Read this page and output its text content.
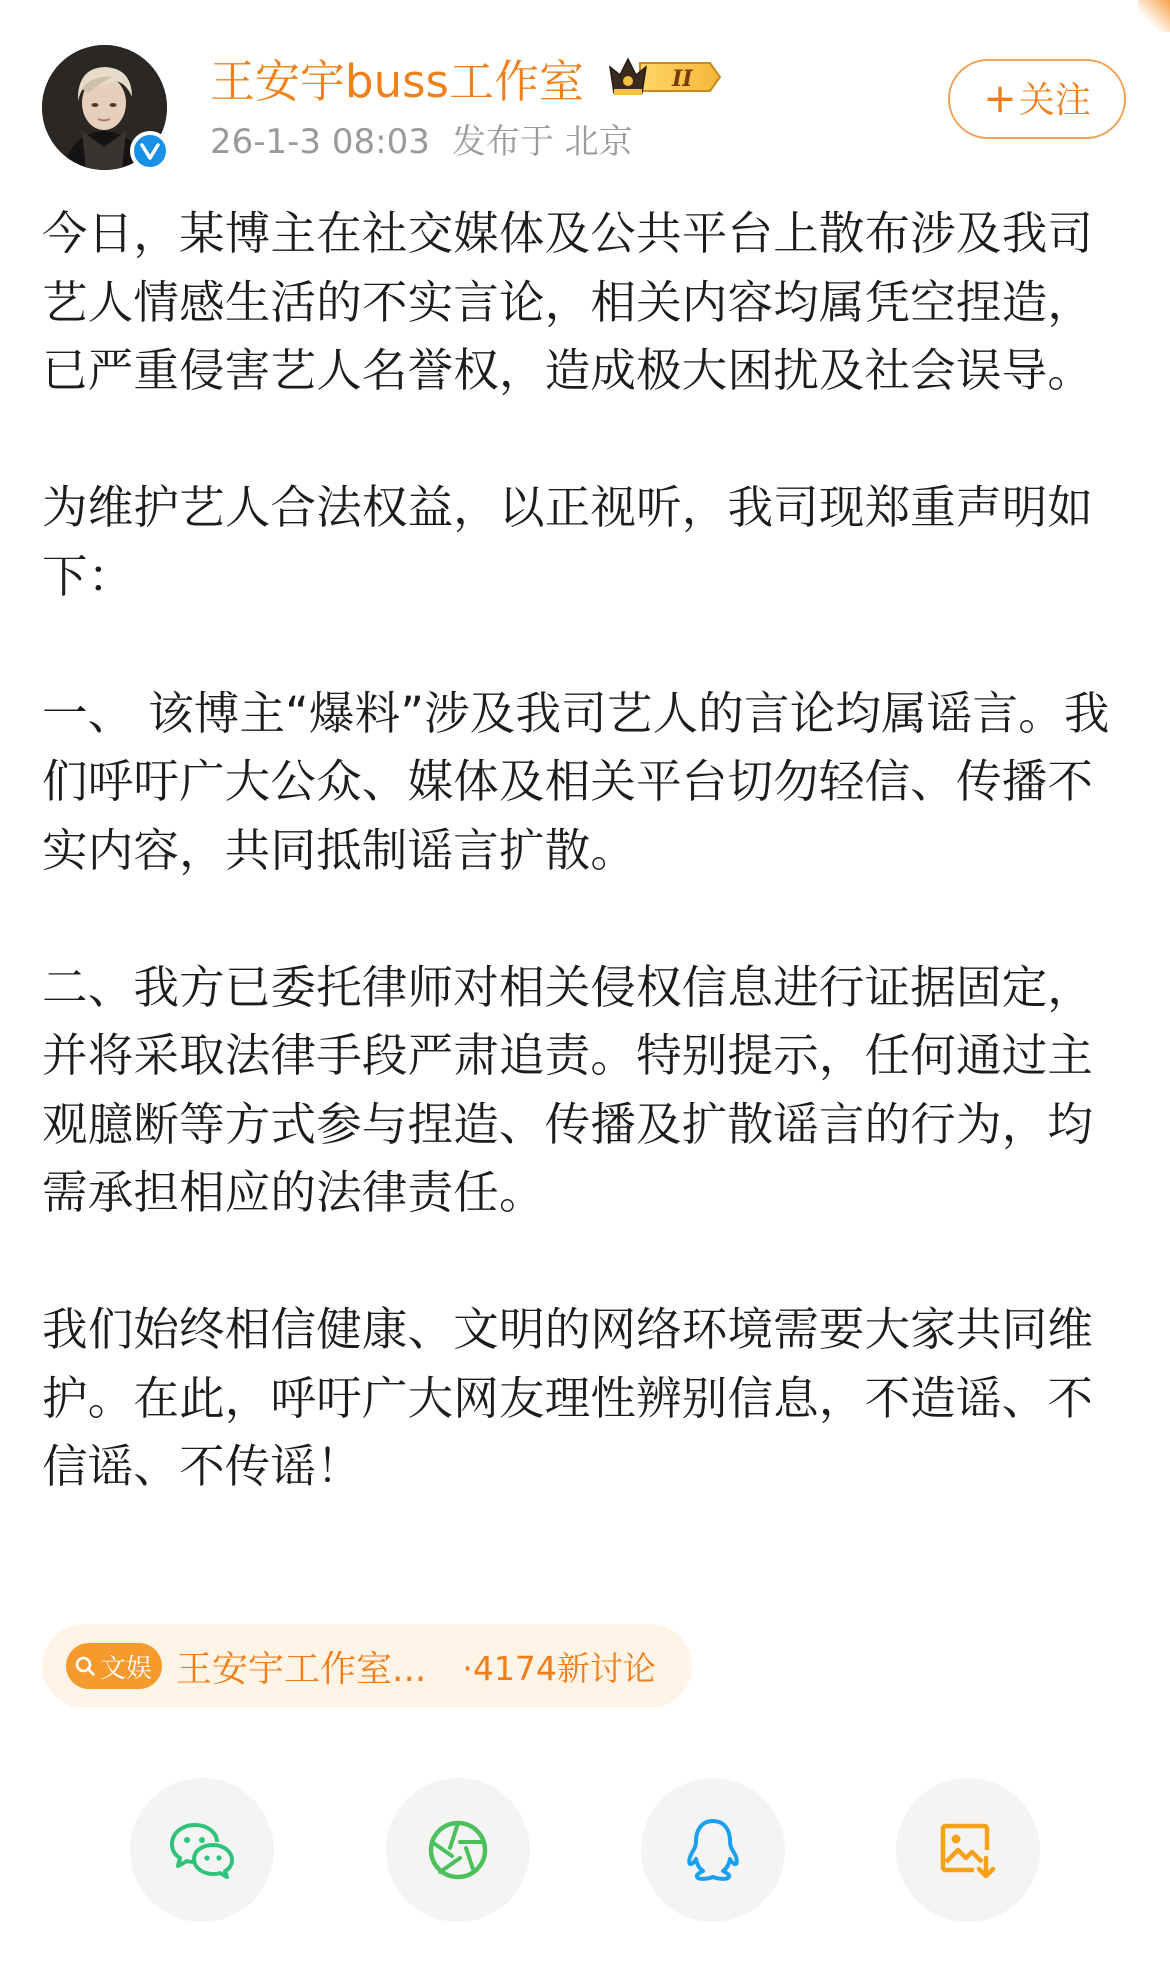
王安宇buss工作室	II
26-1-3 08:03 发布于 北京
+关注

今日，某博主在社交媒体及公共平台上散布涉及我司艺人情感生活的不实言论，相关内容均属凭空捏造，已严重侵害艺人名誉权，造成极大困扰及社会误导。

为维护艺人合法权益，以正视听，我司现郑重声明如下：

一、 该博主“爆料”涉及我司艺人的言论均属谣言。我们呼吁广大公众、媒体及相关平台切勿轻信、传播不实内容，共同抵制谣言扩散。

二、我方已委托律师对相关侵权信息进行证据固定，并将采取法律手段严肃追责。特别提示，任何通过主观臆断等方式参与捏造、传播及扩散谣言的行为，均需承担相应的法律责任。

我们始终相信健康、文明的网络环境需要大家共同维护。在此，呼吁广大网友理性辨别信息，不造谣、不信谣、不传谣！

文娱 王安宇工作室... ·4174新讨论
